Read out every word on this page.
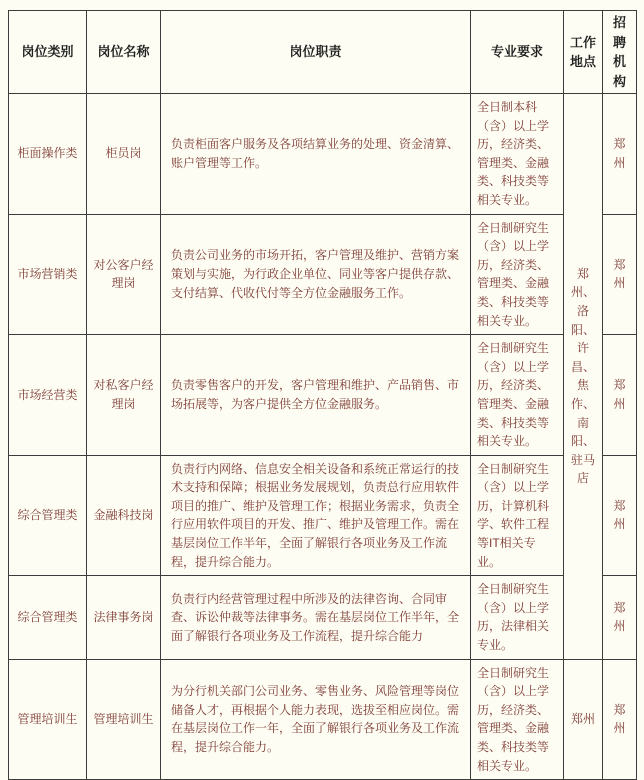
岗位类别	岗位名称	岗位职责	专业要求	工作地点	招聘机构
柜面操作类	柜员岗	负责柜面客户服务及各项结算业务的处理、资金清算、账户管理等工作。	全日制本科（含）以上学历，经济类、管理类、金融类、科技类等相关专业。	郑州、洛阳、许昌、焦作、南阳、驻马店	郑州
市场营销类	对公客户经理岗	负责公司业务的市场开拓，客户管理及维护、营销方案策划与实施，为行政企业单位、同业等客户提供存款、支付结算、代收代付等全方位金融服务工作。	全日制研究生（含）以上学历，经济类、管理类、金融类、科技类等相关专业。		郑州
市场经营类	对私客户经理岗	负责零售客户的开发，客户管理和维护、产品销售、市场拓展等，为客户提供全方位金融服务。	全日制研究生（含）以上学历，经济类、管理类、金融类、科技类等相关专业。		郑州
综合管理类	金融科技岗	负责行内网络、信息安全相关设备和系统正常运行的技术支持和保障；根据业务发展规划，负责总行应用软件项目的推广、维护及管理工作；根据业务需求，负责全行应用软件项目的开发、推广、维护及管理工作。需在基层岗位工作半年，全面了解银行各项业务及工作流程，提升综合能力。	全日制研究生（含）以上学历，计算机科学、软件工程等IT相关专业。		郑州
综合管理类	法律事务岗	负责行内经营管理过程中所涉及的法律咨询、合同审查、诉讼仲裁等法律事务。需在基层岗位工作半年，全面了解银行各项业务及工作流程，提升综合能力	全日制研究生（含）以上学历，法律相关专业。		郑州
管理培训生	管理培训生	为分行机关部门公司业务、零售业务、风险管理等岗位储备人才，再根据个人能力表现，选拔至相应岗位。需在基层岗位工作一年，全面了解银行各项业务及工作流程，提升综合能力。	全日制研究生（含）以上学历，经济类、管理类、金融类、科技类等相关专业。	郑州	郑州
